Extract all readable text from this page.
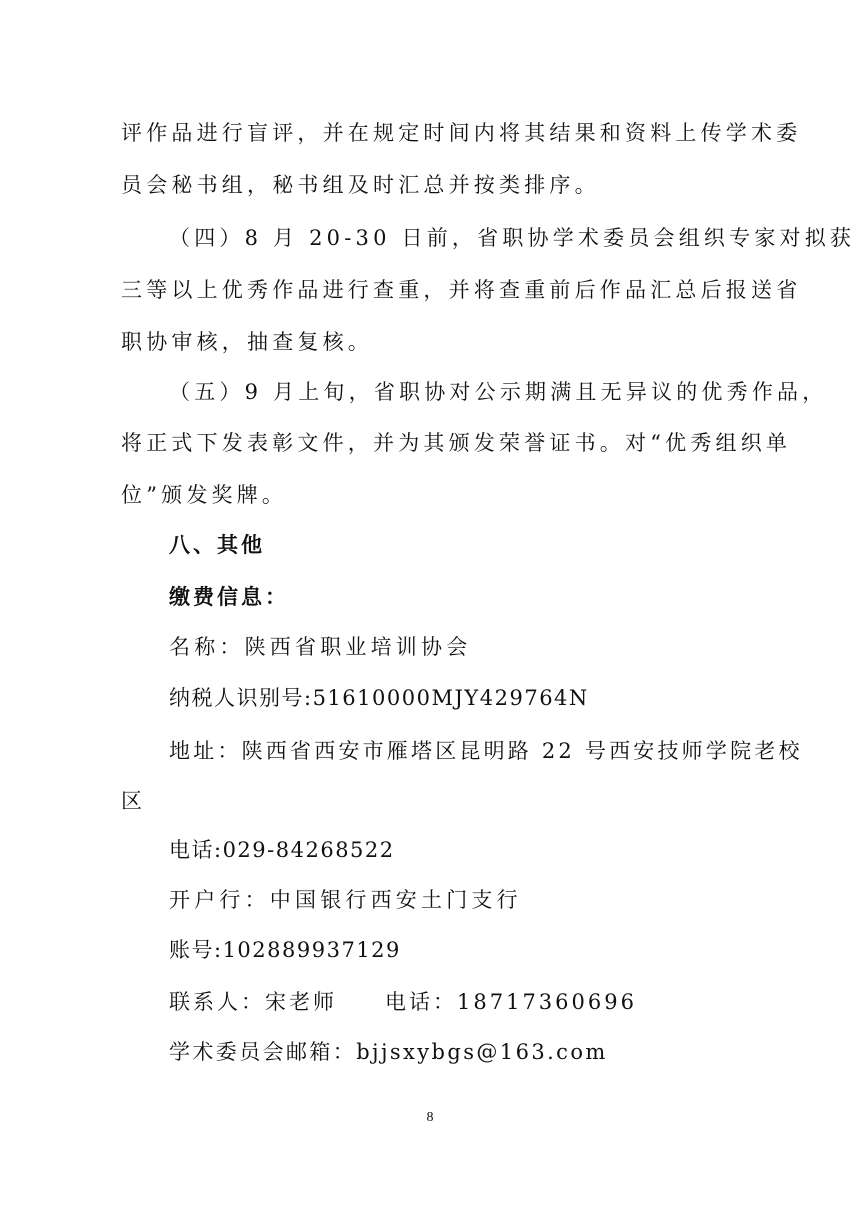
评作品进行盲评，并在规定时间内将其结果和资料上传学术委
员会秘书组，秘书组及时汇总并按类排序。
（四）8 月 20-30 日前，省职协学术委员会组织专家对拟获
三等以上优秀作品进行查重，并将查重前后作品汇总后报送省
职协审核，抽查复核。
（五）9 月上旬，省职协对公示期满且无异议的优秀作品，
将正式下发表彰文件，并为其颁发荣誉证书。对“优秀组织单
位”颁发奖牌。
八、其他
缴费信息：
名称：陕西省职业培训协会
纳税人识别号:51610000MJY429764N
地址：陕西省西安市雁塔区昆明路 22 号西安技师学院老校
区
电话:029-84268522
开户行：中国银行西安土门支行
账号:102889937129
联系人：宋老师　　电话：18717360696
学术委员会邮箱：bjjsxybgs@163.com
8
